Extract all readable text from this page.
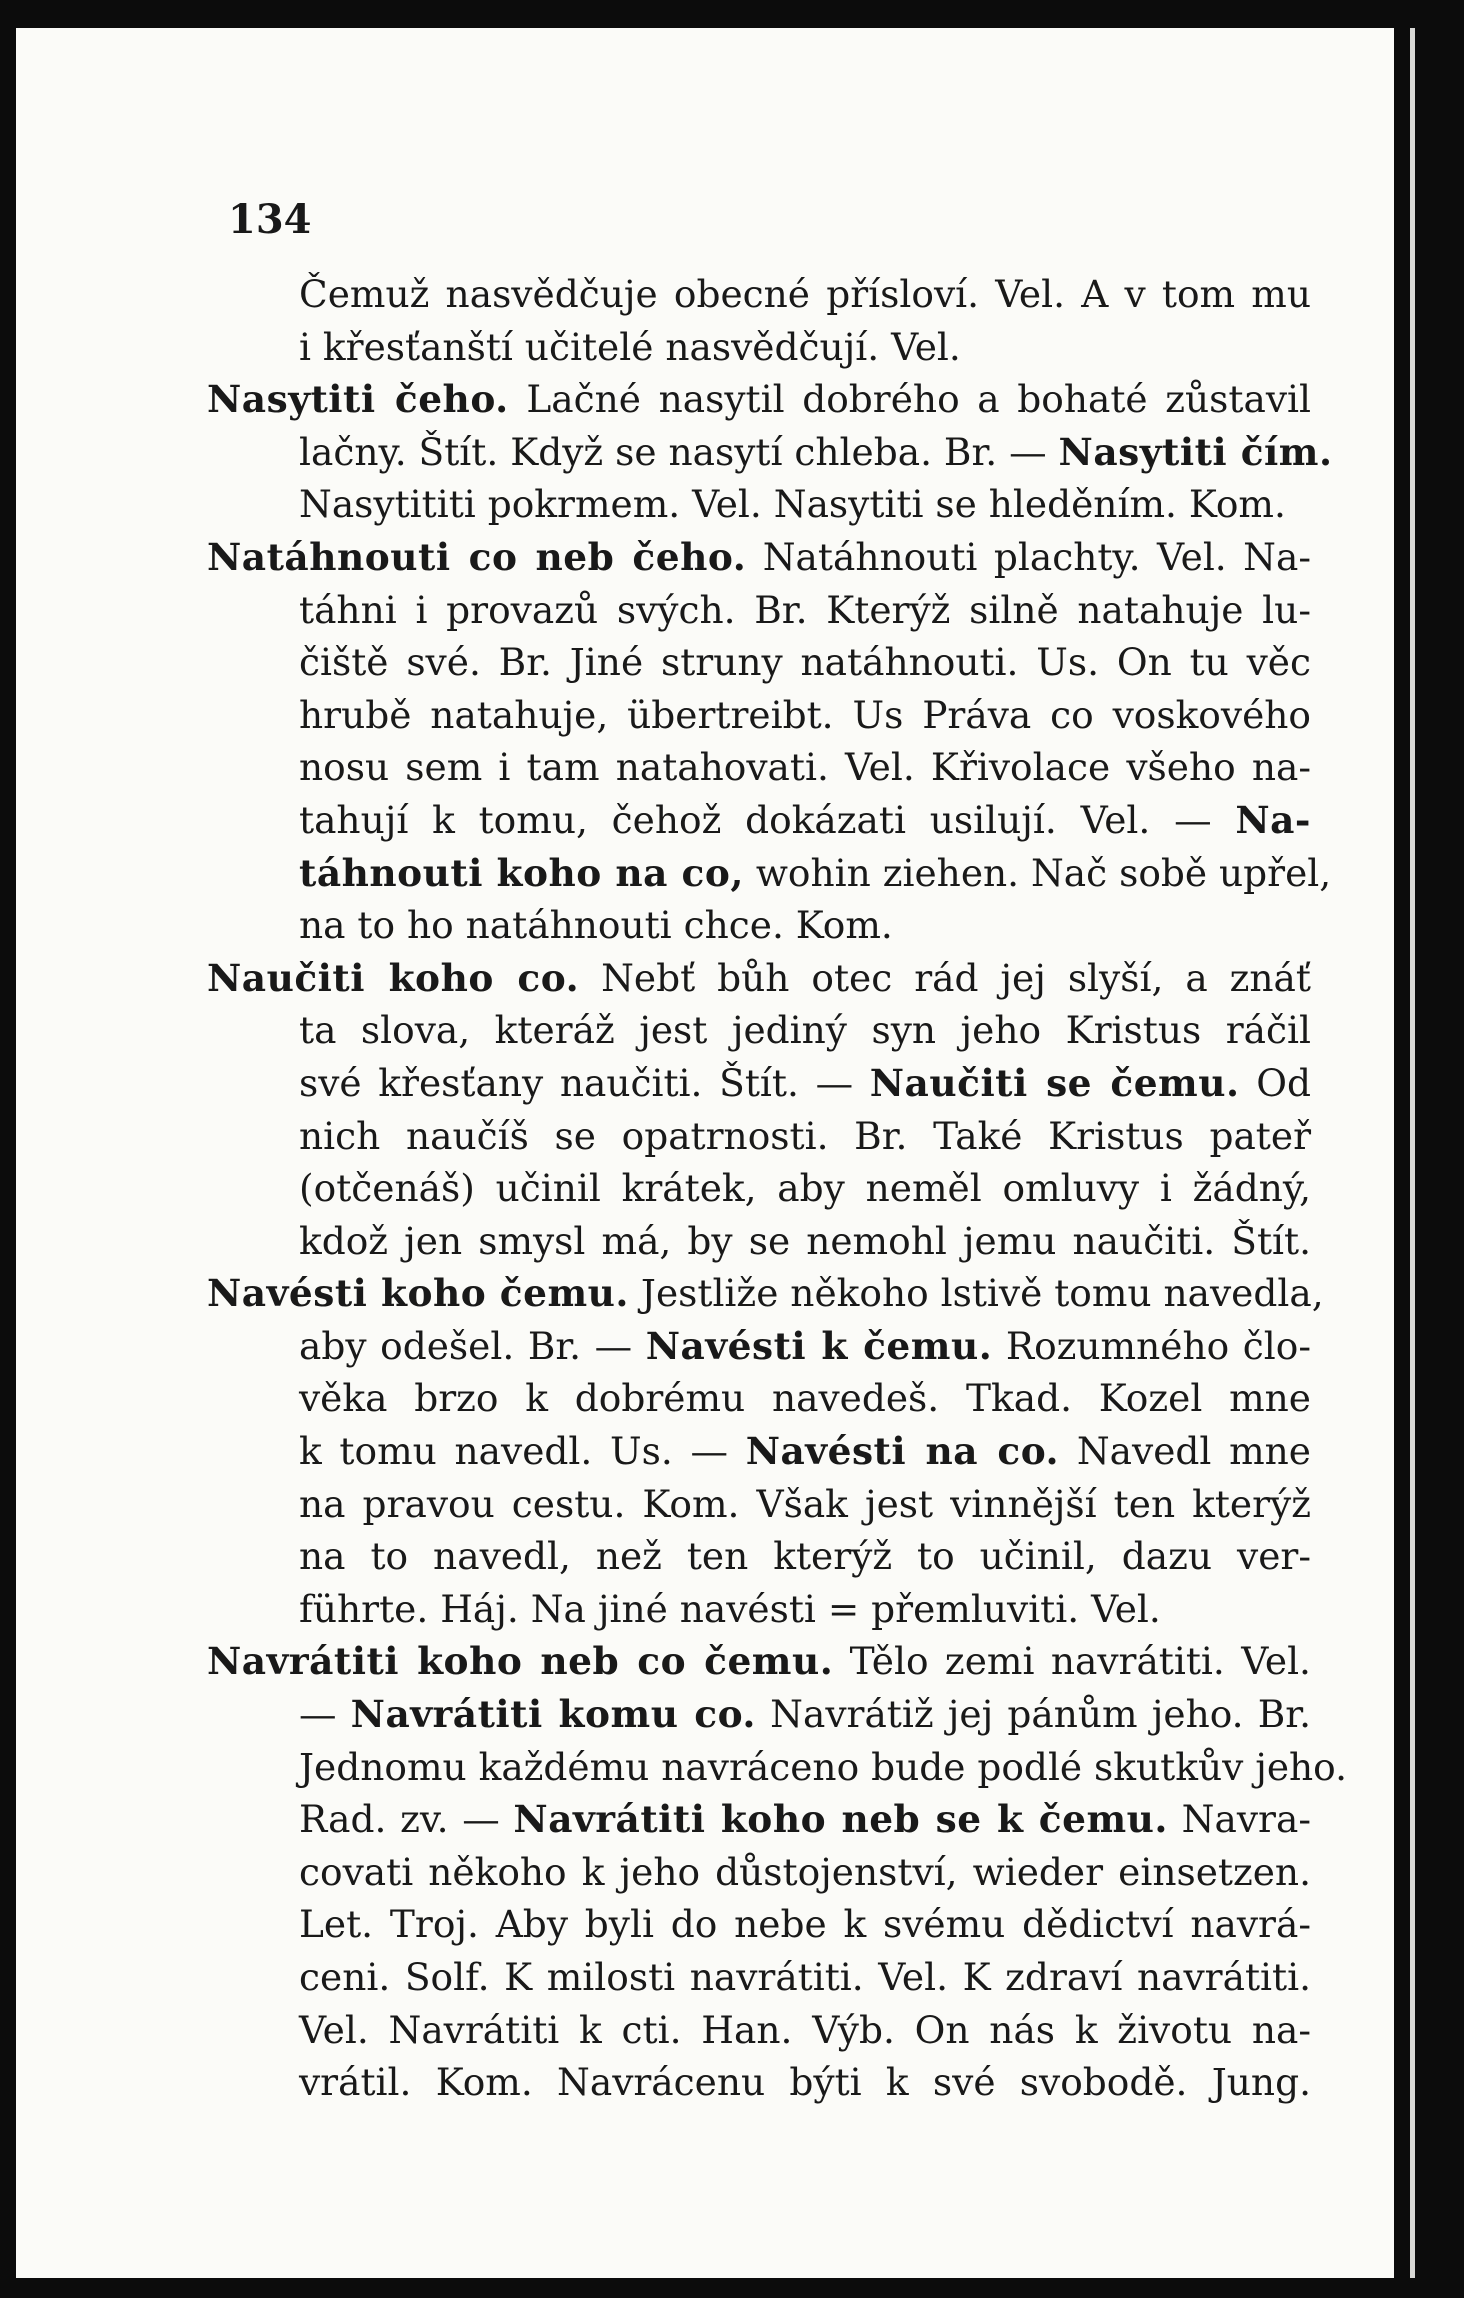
134
Čemuž nasvědčuje obecné přísloví. Vel. A v tom mu
i křesťanští učitelé nasvědčují. Vel.
Nasytiti čeho. Lačné nasytil dobrého a bohaté zůstavil
lačny. Štít. Když se nasytí chleba. Br. — Nasytiti čím.
Nasytititi pokrmem. Vel. Nasytiti se hleděním. Kom.
Natáhnouti co neb čeho. Natáhnouti plachty. Vel. Na-
táhni i provazů svých. Br. Kterýž silně natahuje lu-
čiště své. Br. Jiné struny natáhnouti. Us. On tu věc
hrubě natahuje, übertreibt. Us Práva co voskového
nosu sem i tam natahovati. Vel. Křivolace všeho na-
tahují k tomu, čehož dokázati usilují. Vel. — Na-
táhnouti koho na co, wohin ziehen. Nač sobě upřel,
na to ho natáhnouti chce. Kom.
Naučiti koho co. Nebť bůh otec rád jej slyší, a znáť
ta slova, kteráž jest jediný syn jeho Kristus ráčil
své křesťany naučiti. Štít. — Naučiti se čemu. Od
nich naučíš se opatrnosti. Br. Také Kristus pateř
(otčenáš) učinil krátek, aby neměl omluvy i žádný,
kdož jen smysl má, by se nemohl jemu naučiti. Štít.
Navésti koho čemu. Jestliže někoho lstivě tomu navedla,
aby odešel. Br. — Navésti k čemu. Rozumného člo-
věka brzo k dobrému navedeš. Tkad. Kozel mne
k tomu navedl. Us. — Navésti na co. Navedl mne
na pravou cestu. Kom. Však jest vinnější ten kterýž
na to navedl, než ten kterýž to učinil, dazu ver-
führte. Háj. Na jiné navésti = přemluviti. Vel.
Navrátiti koho neb co čemu. Tělo zemi navrátiti. Vel.
— Navrátiti komu co. Navrátiž jej pánům jeho. Br.
Jednomu každému navráceno bude podlé skutkův jeho.
Rad. zv. — Navrátiti koho neb se k čemu. Navra-
covati někoho k jeho důstojenství, wieder einsetzen.
Let. Troj. Aby byli do nebe k svému dědictví navrá-
ceni. Solf. K milosti navrátiti. Vel. K zdraví navrátiti.
Vel. Navrátiti k cti. Han. Výb. On nás k životu na-
vrátil. Kom. Navrácenu býti k své svobodě. Jung.
